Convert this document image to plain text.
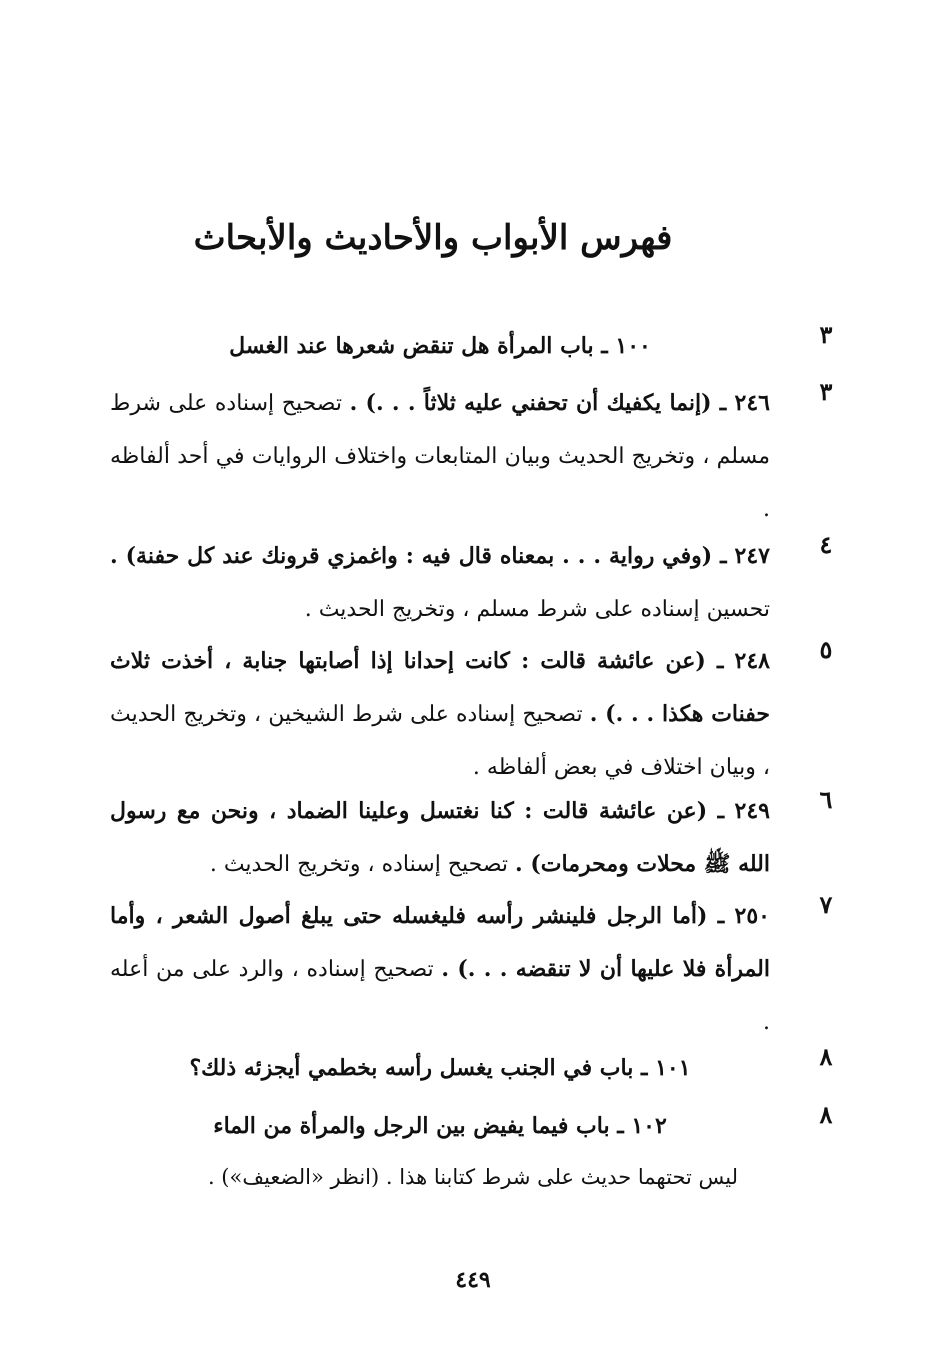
فهرس الأبواب والأحاديث والأبحاث
٣
١٠٠ ـ باب المرأة هل تنقض شعرها عند الغسل
٣
٢٤٦ ـ (إنما يكفيك أن تحفني عليه ثلاثاً . . .) . تصحيح إسناده على شرط مسلم ، وتخريج الحديث وبيان المتابعات واختلاف الروايات في أحد ألفاظه .
٤
٢٤٧ ـ (وفي رواية . . . بمعناه قال فيه : واغمزي قرونك عند كل حفنة) . تحسين إسناده على شرط مسلم ، وتخريج الحديث .
٥
٢٤٨ ـ (عن عائشة قالت : كانت إحدانا إذا أصابتها جنابة ، أخذت ثلاث حفنات هكذا . . .) . تصحيح إسناده على شرط الشيخين ، وتخريج الحديث ، وبيان اختلاف في بعض ألفاظه .
٦
٢٤٩ ـ (عن عائشة قالت : كنا نغتسل وعلينا الضماد ، ونحن مع رسول الله ﷺ محلات ومحرمات) . تصحيح إسناده ، وتخريج الحديث .
٧
٢٥٠ ـ (أما الرجل فلينشر رأسه فليغسله حتى يبلغ أصول الشعر ، وأما المرأة فلا عليها أن لا تنقضه . . .) . تصحيح إسناده ، والرد على من أعله .
٨
١٠١ ـ باب في الجنب يغسل رأسه بخطمي أيجزئه ذلك؟
٨
١٠٢ ـ باب فيما يفيض بين الرجل والمرأة من الماء
ليس تحتهما حديث على شرط كتابنا هذا . (انظر «الضعيف») .
٤٤٩
